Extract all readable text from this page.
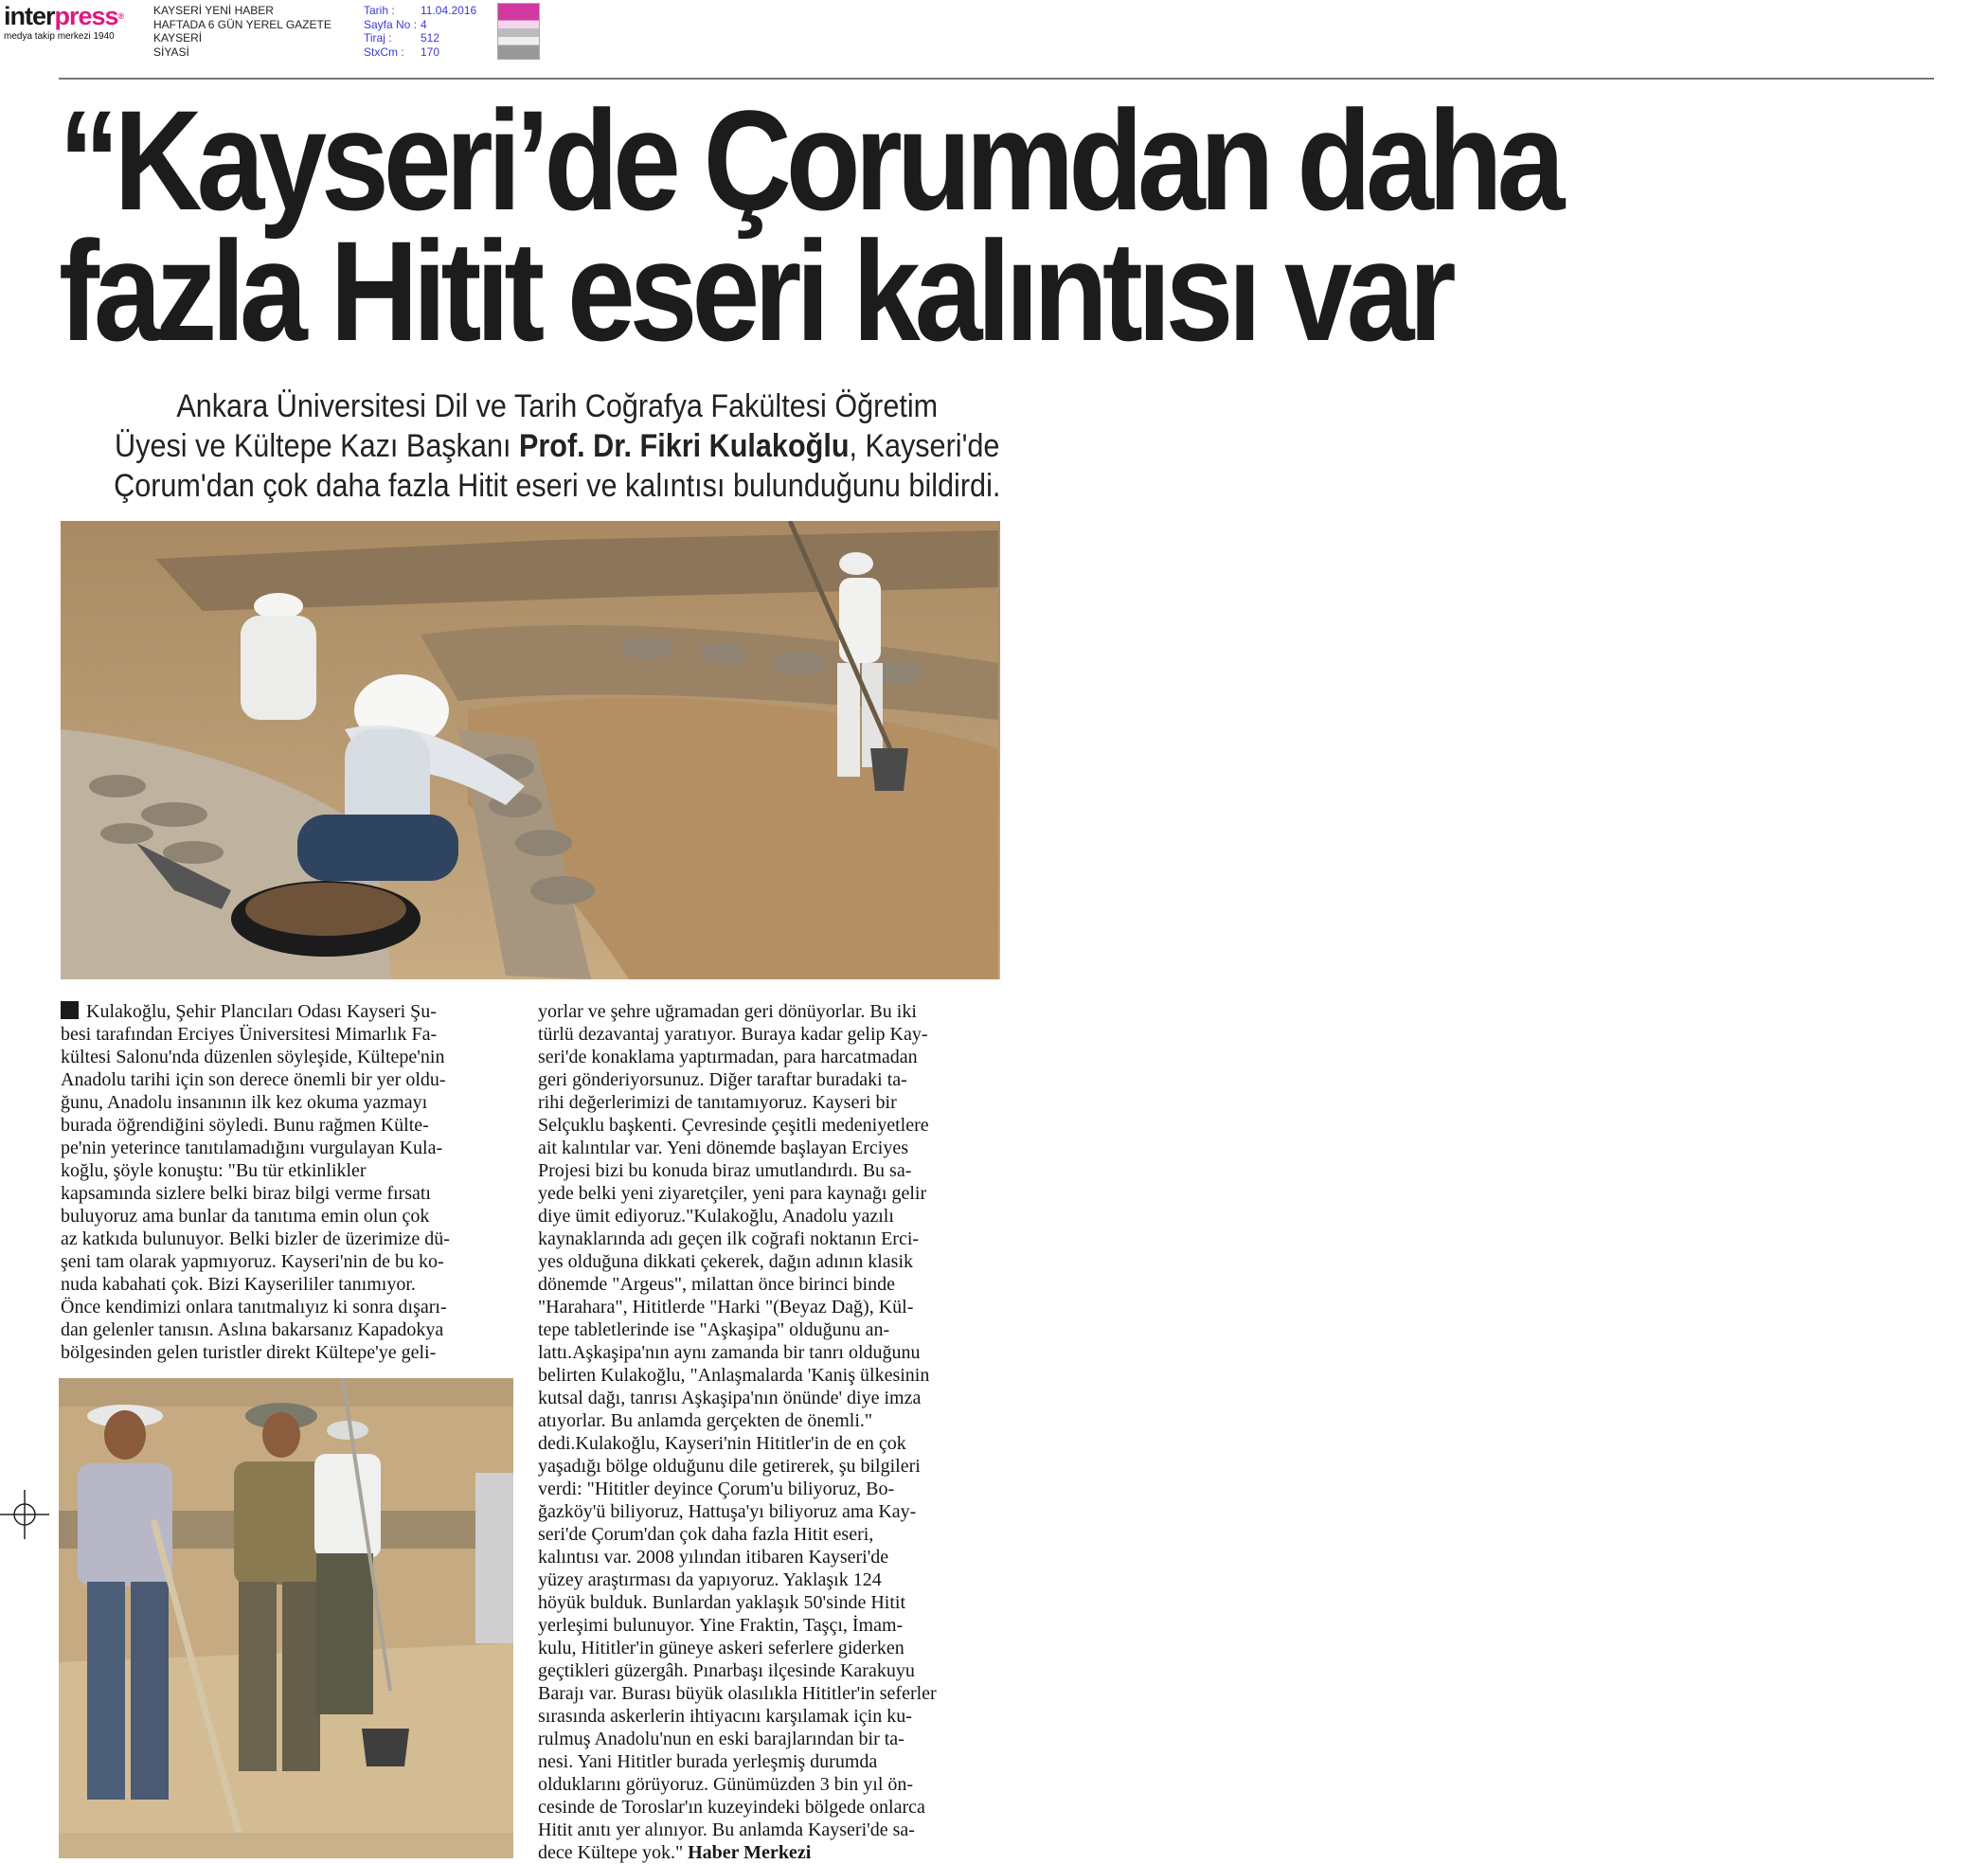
interpress®
medya takip merkezi 1940
KAYSERİ YENİ HABER
HAFTADA 6 GÜN YEREL GAZETE
KAYSERİ
SİYASİ
Tarih :	11.04.2016
Sayfa No : 4
Tiraj :	512
StxCm :	170
“Kayseri’de Çorumdan daha
fazla Hitit eseri kalıntısı var
Ankara Üniversitesi Dil ve Tarih Coğrafya Fakültesi Öğretim
Üyesi ve Kültepe Kazı Başkanı Prof. Dr. Fikri Kulakoğlu, Kayseri'de
Çorum'dan çok daha fazla Hitit eseri ve kalıntısı bulunduğunu bildirdi.

Kulakoğlu, Şehir Plancıları Odası Kayseri Şu-

besi tarafından Erciyes Üniversitesi Mimarlık Fa-

kültesi Salonu'nda düzenlen söyleşide, Kültepe'nin

Anadolu tarihi için son derece önemli bir yer oldu-

ğunu, Anadolu insanının ilk kez okuma yazmayı

burada öğrendiğini söyledi. Bunu rağmen Külte-

pe'nin yeterince tanıtılamadığını vurgulayan Kula-

koğlu, şöyle konuştu: "Bu tür etkinlikler

kapsamında sizlere belki biraz bilgi verme fırsatı

buluyoruz ama bunlar da tanıtıma emin olun çok

az katkıda bulunuyor. Belki bizler de üzerimize dü-

şeni tam olarak yapmıyoruz. Kayseri'nin de bu ko-

nuda kabahati çok. Bizi Kayserililer tanımıyor.

Önce kendimizi onlara tanıtmalıyız ki sonra dışarı-

dan gelenler tanısın. Aslına bakarsanız Kapadokya

bölgesinden gelen turistler direkt Kültepe'ye geli-

yorlar ve şehre uğramadan geri dönüyorlar. Bu iki

türlü dezavantaj yaratıyor. Buraya kadar gelip Kay-

seri'de konaklama yaptırmadan, para harcatmadan

geri gönderiyorsunuz. Diğer taraftar buradaki ta-

rihi değerlerimizi de tanıtamıyoruz. Kayseri bir

Selçuklu başkenti. Çevresinde çeşitli medeniyetlere

ait kalıntılar var. Yeni dönemde başlayan Erciyes

Projesi bizi bu konuda biraz umutlandırdı. Bu sa-

yede belki yeni ziyaretçiler, yeni para kaynağı gelir

diye ümit ediyoruz."Kulakoğlu, Anadolu yazılı

kaynaklarında adı geçen ilk coğrafi noktanın Erci-

yes olduğuna dikkati çekerek, dağın adının klasik

dönemde "Argeus", milattan önce birinci binde

"Harahara", Hititlerde "Harki "(Beyaz Dağ), Kül-

tepe tabletlerinde ise "Aşkaşipa" olduğunu an-

lattı.Aşkaşipa'nın aynı zamanda bir tanrı olduğunu

belirten Kulakoğlu, "Anlaşmalarda 'Kaniş ülkesinin

kutsal dağı, tanrısı Aşkaşipa'nın önünde' diye imza

atıyorlar. Bu anlamda gerçekten de önemli."

dedi.Kulakoğlu, Kayseri'nin Hititler'in de en çok

yaşadığı bölge olduğunu dile getirerek, şu bilgileri

verdi: "Hititler deyince Çorum'u biliyoruz, Bo-

ğazköy'ü biliyoruz, Hattuşa'yı biliyoruz ama Kay-

seri'de Çorum'dan çok daha fazla Hitit eseri,

kalıntısı var. 2008 yılından itibaren Kayseri'de

yüzey araştırması da yapıyoruz. Yaklaşık 124

höyük bulduk. Bunlardan yaklaşık 50'sinde Hitit

yerleşimi bulunuyor. Yine Fraktin, Taşçı, İmam-

kulu, Hititler'in güneye askeri seferlere giderken

geçtikleri güzergâh. Pınarbaşı ilçesinde Karakuyu

Barajı var. Burası büyük olasılıkla Hititler'in seferler

sırasında askerlerin ihtiyacını karşılamak için ku-

rulmuş Anadolu'nun en eski barajlarından bir ta-

nesi. Yani Hititler burada yerleşmiş durumda

olduklarını görüyoruz. Günümüzden 3 bin yıl ön-

cesinde de Toroslar'ın kuzeyindeki bölgede onlarca

Hitit anıtı yer alınıyor. Bu anlamda Kayseri'de sa-

dece Kültepe yok." Haber Merkezi
